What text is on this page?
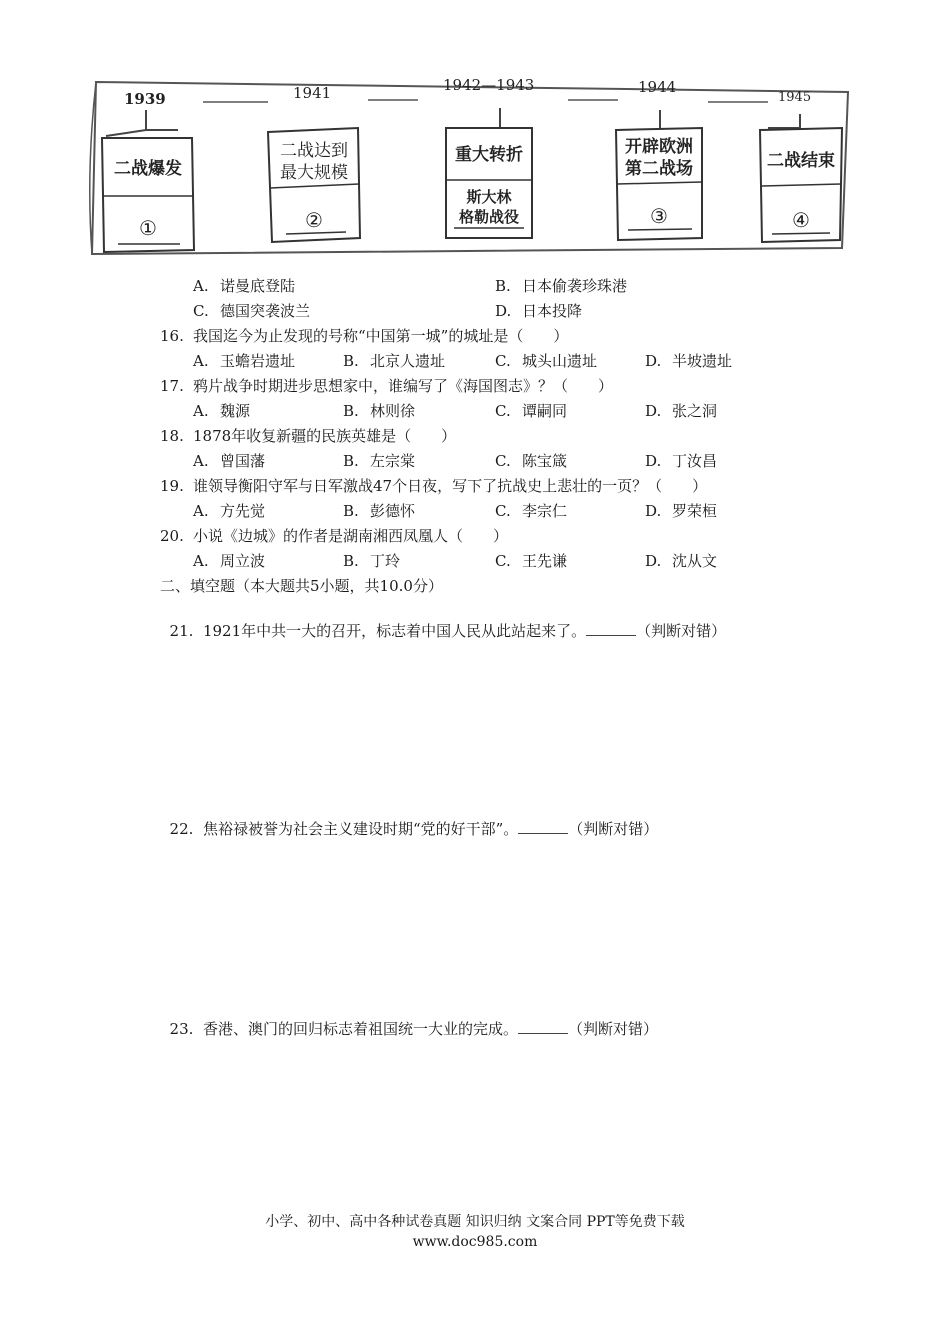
1939	1941	1942—1943	1944
1945
二战爆发
①
二战达到
最大规模
②
重大转折
斯大林
格勒战役
开辟欧洲
第二战场
③
二战结束
④
A. 诺曼底登陆	B. 日本偷袭珍珠港
C. 德国突袭波兰	D. 日本投降
16. 我国迄今为止发现的号称“中国第一城”的城址是（　　）
A. 玉蟾岩遗址	B. 北京人遗址	C. 城头山遗址	D. 半坡遗址
17. 鸦片战争时期进步思想家中，谁编写了《海国图志》？（　　）
A. 魏源	B. 林则徐	C. 谭嗣同	D. 张之洞
18. 1878年收复新疆的民族英雄是（　　）
A. 曾国藩	B. 左宗棠	C. 陈宝箴	D. 丁汝昌
19. 谁领导衡阳守军与日军激战47个日夜，写下了抗战史上悲壮的一页？（　　）
A. 方先觉	B. 彭德怀	C. 李宗仁	D. 罗荣桓
20. 小说《边城》的作者是湖南湘西凤凰人（　　）
A. 周立波	B. 丁玲	C. 王先谦	D. 沈从文
二、填空题（本大题共5小题，共10.0分）

21. 1921年中共一大的召开，标志着中国人民从此站起来了。	（判断对错）

22. 焦裕禄被誉为社会主义建设时期“党的好干部”。	（判断对错）

23. 香港、澳门的回归标志着祖国统一大业的完成。	（判断对错）

小学、初中、高中各种试卷真题 知识归纳 文案合同 PPT等免费下载
www.doc985.com
